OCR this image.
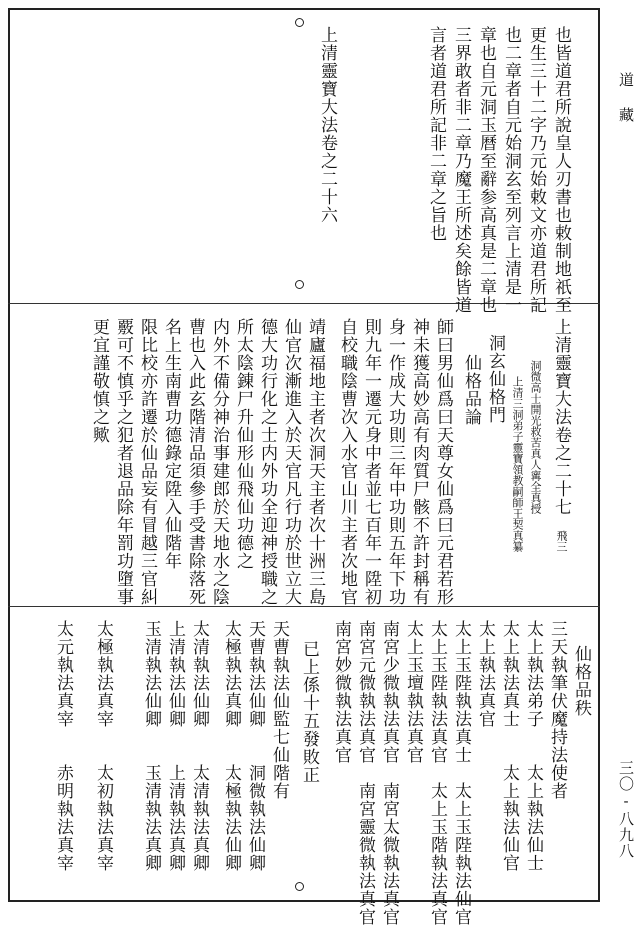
道藏
三〇-八九八
也皆道君所說皇人刃書也敕制地祇至
更生三十二字乃元始敕文亦道君所記
也二章者自元始洞玄至列言上清是一
章也自元洞玉曆至辭参高真是二章也
三界敢者非二章乃魔王所述矣餘皆道
言者道君所記非二章之旨也
上清靈寶大法卷之二十六
上清靈寶大法卷之二十七
飛三
洞微高士開光救苦真人寗全真授
上清三洞弟子靈寶領教嗣師王契真纂
洞玄仙格門
仙格品論
師曰男仙爲曰天尊女仙爲曰元君若形
神未獲高妙高有肉質尸骸不許封稱有
身一作成大功則三年中功則五年下功
則九年一遷元身中者並七百年一陞初
自校職陰曹次入水官山川主者次地官
靖廬福地主者次洞天主者次十洲三島
仙官次漸進入於天官凡行功於世立大
德大功行化之士内外功全迎神授職之
所太陰錬尸升仙形仙飛仙功德之
内外不備分神治事建郎於天地水之陰
曹也入此玄階清品須參手受書除落死
名上生南曹功德錄定陞入仙階年
限比校亦許遷於仙品妄有冒越三官糾
覈可不慎乎之犯者退品除年罰功墮事
更宜謹敬慎之歟
仙格品秩
三天執筆伏魔持法使者
太上執法弟子　　太上執法仙士
太上執法真士　　太上執法仙官
太上執法真官
太上玉陛執法真士　太上玉陛執法仙官
太上玉陛執法真官　太上玉階執法真官
太上玉壇執法真官
南宮少微執法真官　南宮太微執法真官
南宮元微執法真官　南宮靈微執法真官
南宮妙微執法真官
已上係十五發敗正
天曹執法仙監七仙階有
天曹執法仙卿　　洞微執法仙卿
太極執法真卿　　太極執法仙卿
太清執法仙卿　　太清執法真卿
上清執法仙卿　　上清執法真卿
玉清執法仙卿　　玉清執法真卿
太極執法真宰　　太初執法真宰
太元執法真宰　　赤明執法真宰
